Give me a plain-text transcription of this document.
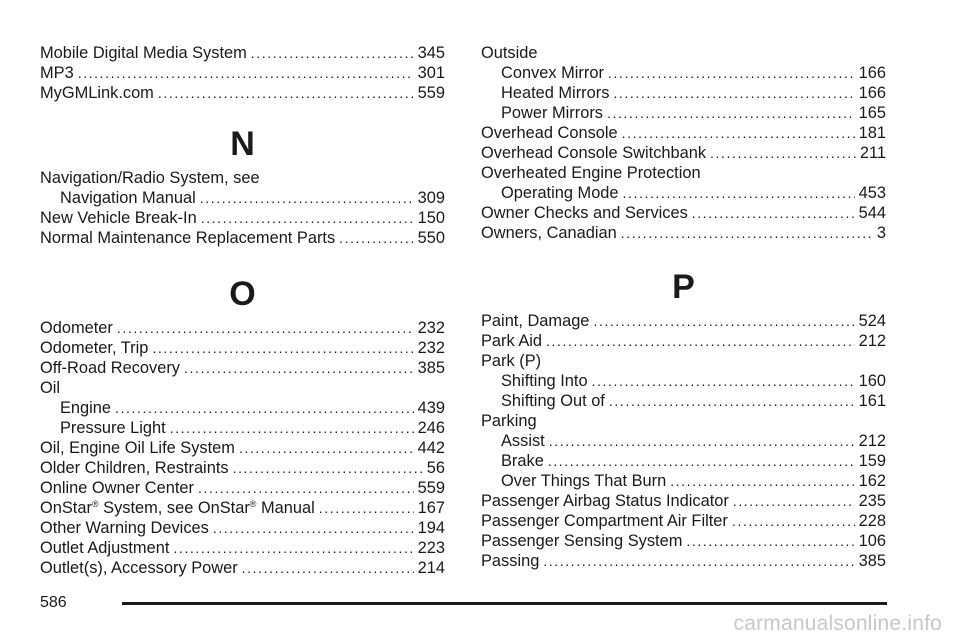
Mobile Digital Media System .....	345
MP3 .....	301
MyGMLink.com .....	559
N
Navigation/Radio System, see
Navigation Manual .....	309
New Vehicle Break-In .....	150
Normal Maintenance Replacement Parts .....	550
O
Odometer .....	232
Odometer, Trip .....	232
Off-Road Recovery .....	385
Oil
Engine .....	439
Pressure Light .....	246
Oil, Engine Oil Life System .....	442
Older Children, Restraints .....	56
Online Owner Center .....	559
OnStar® System, see OnStar® Manual .....	167
Other Warning Devices .....	194
Outlet Adjustment .....	223
Outlet(s), Accessory Power .....	214
Outside
Convex Mirror .....	166
Heated Mirrors .....	166
Power Mirrors .....	165
Overhead Console .....	181
Overhead Console Switchbank .....	211
Overheated Engine Protection
Operating Mode .....	453
Owner Checks and Services .....	544
Owners, Canadian .....	3
P
Paint, Damage .....	524
Park Aid .....	212
Park (P)
Shifting Into .....	160
Shifting Out of .....	161
Parking
Assist .....	212
Brake .....	159
Over Things That Burn .....	162
Passenger Airbag Status Indicator .....	235
Passenger Compartment Air Filter .....	228
Passenger Sensing System .....	106
Passing .....	385
586
carmanualsonline.info
